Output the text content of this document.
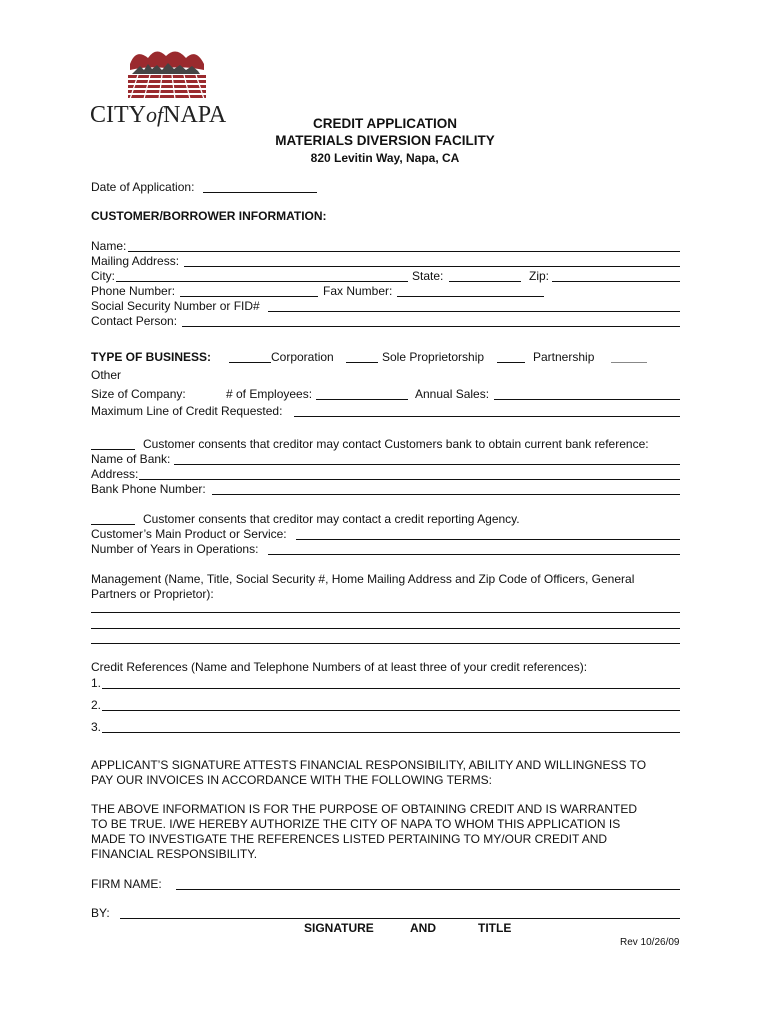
CITYofNAPA	CREDIT APPLICATION
MATERIALS DIVERSION FACILITY
820 Levitin Way, Napa, CA
Date of Application:
CUSTOMER/BORROWER INFORMATION:
Name:
Mailing Address:
City:	State:	Zip:
Phone Number:	Fax Number:
Social Security Number or FID#
Contact Person:
TYPE OF BUSINESS:	Corporation	Sole Proprietorship	Partnership
Other
Size of Company:	# of Employees:	Annual Sales:
Maximum Line of Credit Requested:
Customer consents that creditor may contact Customers bank to obtain current bank reference:
Name of Bank:
Address:
Bank Phone Number:
Customer consents that creditor may contact a credit reporting Agency.
Customer’s Main Product or Service:
Number of Years in Operations:
Management (Name, Title, Social Security #, Home Mailing Address and Zip Code of Officers, General
Partners or Proprietor):
Credit References (Name and Telephone Numbers of at least three of your credit references):
1.
2.
3.
APPLICANT’S SIGNATURE ATTESTS FINANCIAL RESPONSIBILITY, ABILITY AND WILLINGNESS TO
PAY OUR INVOICES IN ACCORDANCE WITH THE FOLLOWING TERMS:
THE ABOVE INFORMATION IS FOR THE PURPOSE OF OBTAINING CREDIT AND IS WARRANTED
TO BE TRUE. I/WE HEREBY AUTHORIZE THE CITY OF NAPA TO WHOM THIS APPLICATION IS
MADE TO INVESTIGATE THE REFERENCES LISTED PERTAINING TO MY/OUR CREDIT AND
FINANCIAL RESPONSIBILITY.
FIRM NAME:
BY:
SIGNATURE	AND	TITLE
Rev 10/26/09
